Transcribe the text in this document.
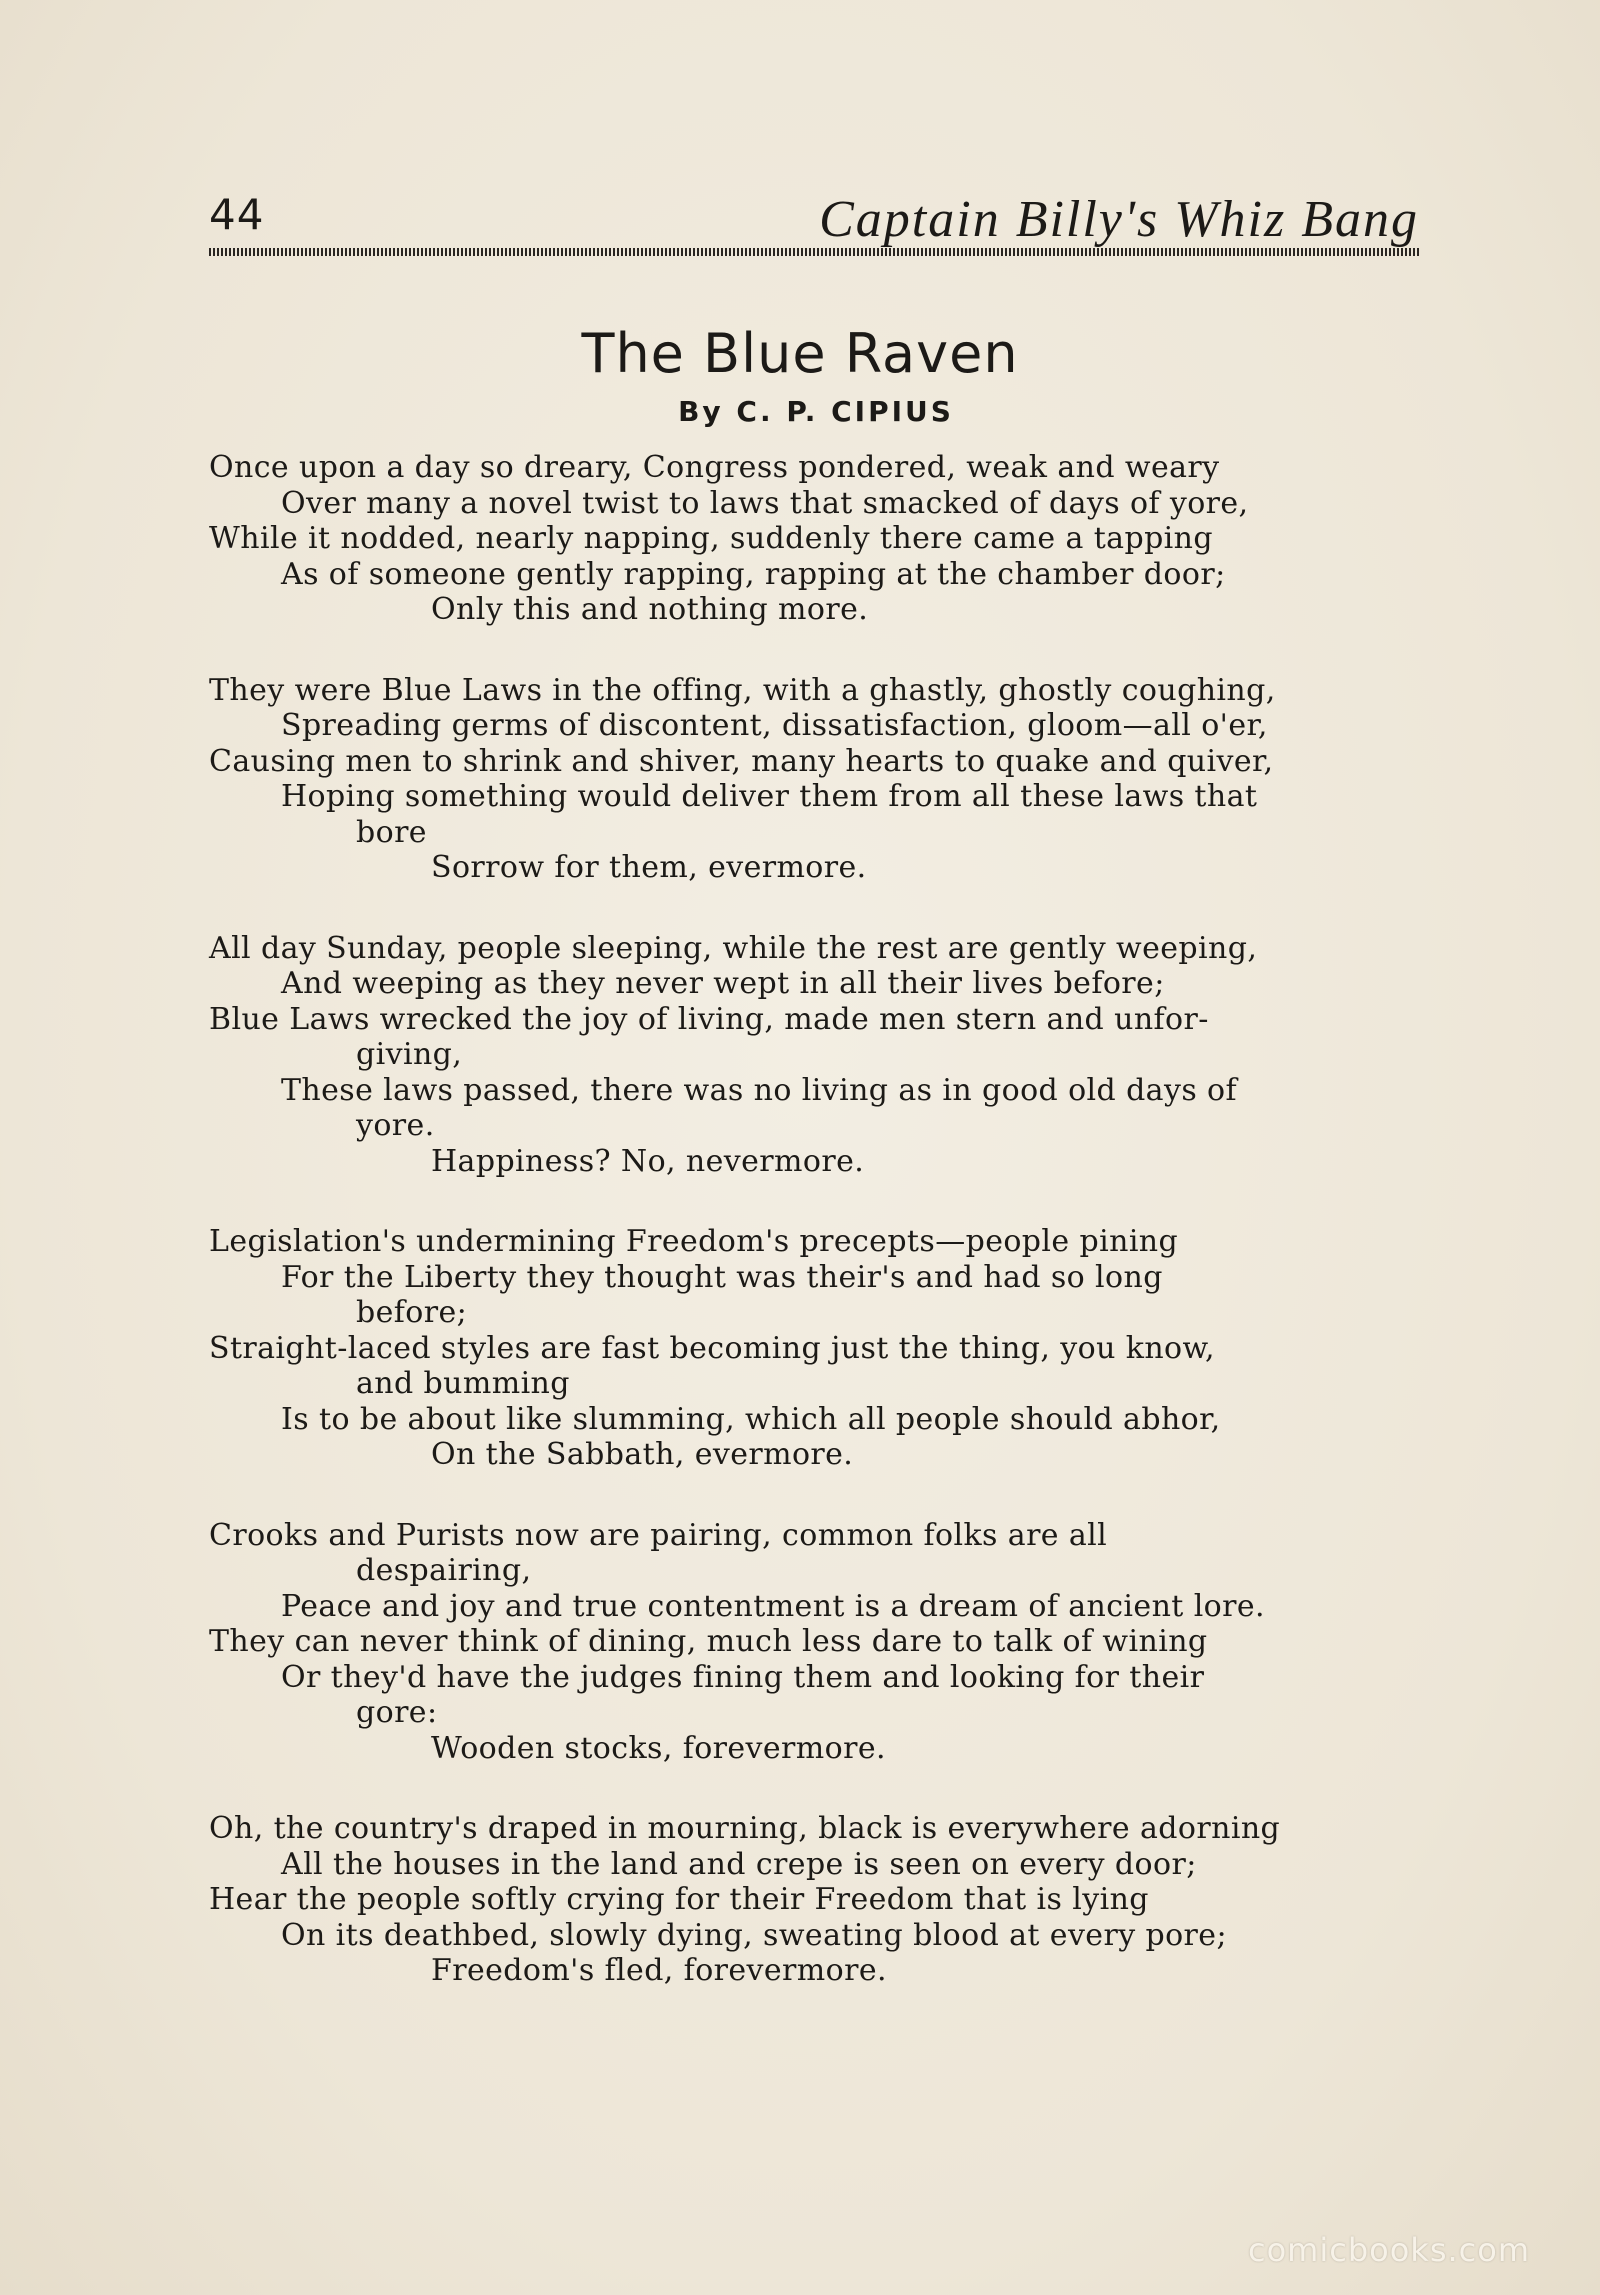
44	Captain Billy's Whiz Bang
The Blue Raven
By C. P. CIPIUS
Once upon a day so dreary, Congress pondered, weak and weary
Over many a novel twist to laws that smacked of days of yore,
While it nodded, nearly napping, suddenly there came a tapping
As of someone gently rapping, rapping at the chamber door;
Only this and nothing more.
They were Blue Laws in the offing, with a ghastly, ghostly coughing,
Spreading germs of discontent, dissatisfaction, gloom—all o'er,
Causing men to shrink and shiver, many hearts to quake and quiver,
Hoping something would deliver them from all these laws that
bore
Sorrow for them, evermore.
All day Sunday, people sleeping, while the rest are gently weeping,
And weeping as they never wept in all their lives before;
Blue Laws wrecked the joy of living, made men stern and unfor-
giving,
These laws passed, there was no living as in good old days of
yore.
Happiness? No, nevermore.
Legislation's undermining Freedom's precepts—people pining
For the Liberty they thought was their's and had so long
before;
Straight-laced styles are fast becoming just the thing, you know,
and bumming
Is to be about like slumming, which all people should abhor,
On the Sabbath, evermore.
Crooks and Purists now are pairing, common folks are all
despairing,
Peace and joy and true contentment is a dream of ancient lore.
They can never think of dining, much less dare to talk of wining
Or they'd have the judges fining them and looking for their
gore:
Wooden stocks, forevermore.
Oh, the country's draped in mourning, black is everywhere adorning
All the houses in the land and crepe is seen on every door;
Hear the people softly crying for their Freedom that is lying
On its deathbed, slowly dying, sweating blood at every pore;
Freedom's fled, forevermore.
comicbooks.com
